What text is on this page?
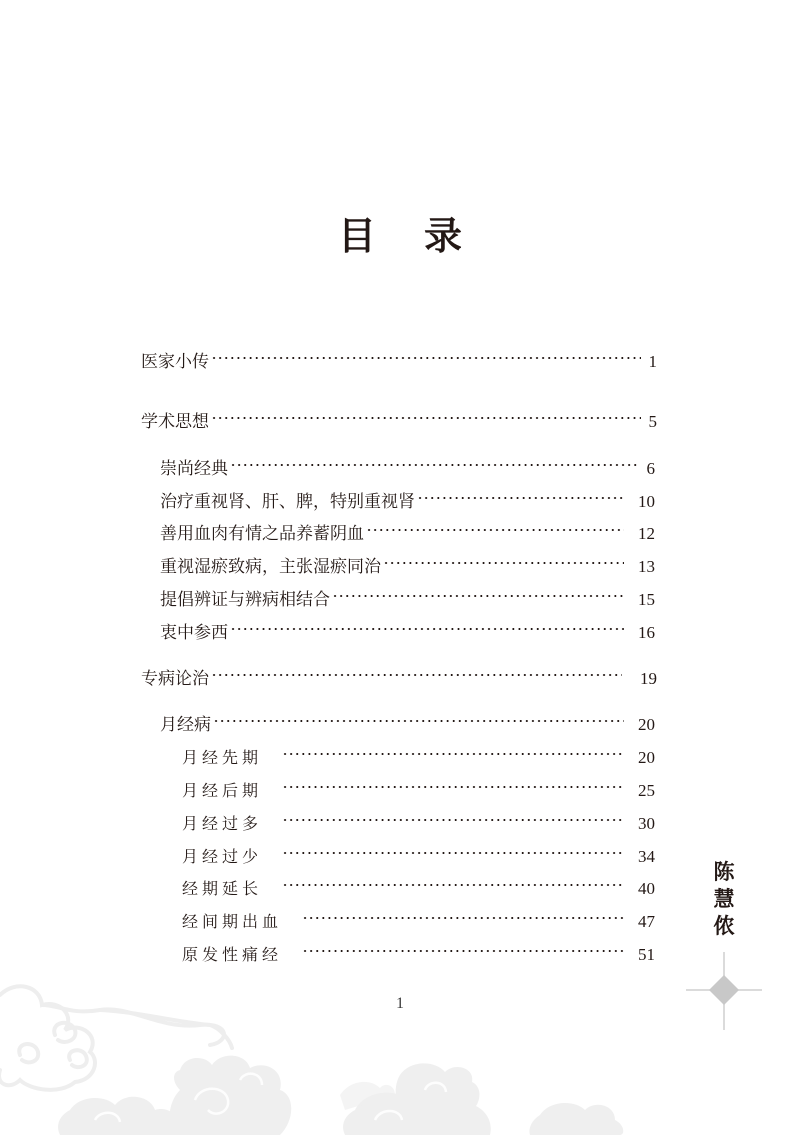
目 录
医家小传	1
学术思想	5
崇尚经典	6
治疗重视肾、肝、脾，特别重视肾	10
善用血肉有情之品养蓄阴血	12
重视湿瘀致病，主张湿瘀同治	13
提倡辨证与辨病相结合	15
衷中参西	16
专病论治	19
月经病	20
月经先期	20
月经后期	25
月经过多	30
月经过少	34
经期延长	40
经间期出血	47
原发性痛经	51
陈
慧
侬
1
